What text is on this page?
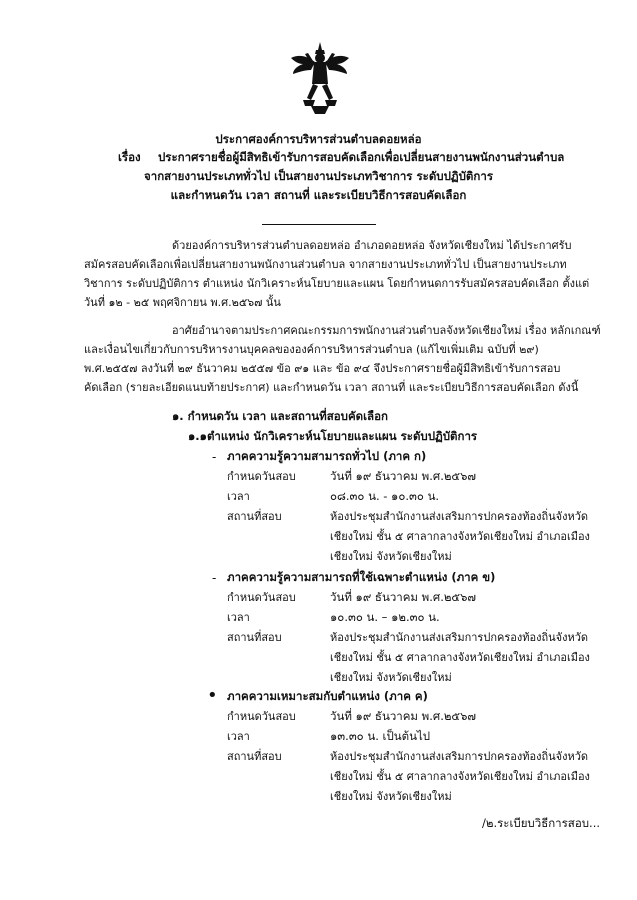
ประกาศองค์การบริหารส่วนตำบลดอยหล่อ
เรื่อง ประกาศรายชื่อผู้มีสิทธิเข้ารับการสอบคัดเลือกเพื่อเปลี่ยนสายงานพนักงานส่วนตำบล
จากสายงานประเภททั่วไป เป็นสายงานประเภทวิชาการ ระดับปฏิบัติการ
และกำหนดวัน เวลา สถานที่ และระเบียบวิธีการสอบคัดเลือก
ด้วยองค์การบริหารส่วนตำบลดอยหล่อ อำเภอดอยหล่อ จังหวัดเชียงใหม่ ได้ประกาศรับ
สมัครสอบคัดเลือกเพื่อเปลี่ยนสายงานพนักงานส่วนตำบล จากสายงานประเภททั่วไป เป็นสายงานประเภท
วิชาการ ระดับปฏิบัติการ ตำแหน่ง นักวิเคราะห์นโยบายและแผน โดยกำหนดการรับสมัครสอบคัดเลือก ตั้งแต่
วันที่ ๑๒ - ๒๕ พฤศจิกายน พ.ศ.๒๕๖๗ นั้น
อาศัยอำนาจตามประกาศคณะกรรมการพนักงานส่วนตำบลจังหวัดเชียงใหม่ เรื่อง หลักเกณฑ์
และเงื่อนไขเกี่ยวกับการบริหารงานบุคคลขององค์การบริหารส่วนตำบล (แก้ไขเพิ่มเติม ฉบับที่ ๒๙)
พ.ศ.๒๕๕๗ ลงวันที่ ๒๙ ธันวาคม ๒๕๕๗ ข้อ ๙๑ และ ข้อ ๙๔ จึงประกาศรายชื่อผู้มีสิทธิเข้ารับการสอบ
คัดเลือก (รายละเอียดแนบท้ายประกาศ) และกำหนดวัน เวลา สถานที่ และระเบียบวิธีการสอบคัดเลือก ดังนี้
๑. กำหนดวัน เวลา และสถานที่สอบคัดเลือก
๑.๑ตำแหน่ง นักวิเคราะห์นโยบายและแผน ระดับปฏิบัติการ
- ภาคความรู้ความสามารถทั่วไป (ภาค ก)
กำหนดวันสอบ	วันที่ ๑๙ ธันวาคม พ.ศ.๒๕๖๗
เวลา	๐๘.๓๐ น. - ๑๐.๓๐ น.
สถานที่สอบ	ห้องประชุมสำนักงานส่งเสริมการปกครองท้องถิ่นจังหวัด
เชียงใหม่ ชั้น ๕ ศาลากลางจังหวัดเชียงใหม่ อำเภอเมือง
เชียงใหม่ จังหวัดเชียงใหม่
- ภาคความรู้ความสามารถที่ใช้เฉพาะตำแหน่ง (ภาค ข)
กำหนดวันสอบ	วันที่ ๑๙ ธันวาคม พ.ศ.๒๕๖๗
เวลา	๑๐.๓๐ น. – ๑๒.๓๐ น.
สถานที่สอบ	ห้องประชุมสำนักงานส่งเสริมการปกครองท้องถิ่นจังหวัด
เชียงใหม่ ชั้น ๕ ศาลากลางจังหวัดเชียงใหม่ อำเภอเมือง
เชียงใหม่ จังหวัดเชียงใหม่
• ภาคความเหมาะสมกับตำแหน่ง (ภาค ค)
กำหนดวันสอบ	วันที่ ๑๙ ธันวาคม พ.ศ.๒๕๖๗
เวลา	๑๓.๓๐ น. เป็นต้นไป
สถานที่สอบ	ห้องประชุมสำนักงานส่งเสริมการปกครองท้องถิ่นจังหวัด
เชียงใหม่ ชั้น ๕ ศาลากลางจังหวัดเชียงใหม่ อำเภอเมือง
เชียงใหม่ จังหวัดเชียงใหม่
/๒.ระเบียบวิธีการสอบ...
